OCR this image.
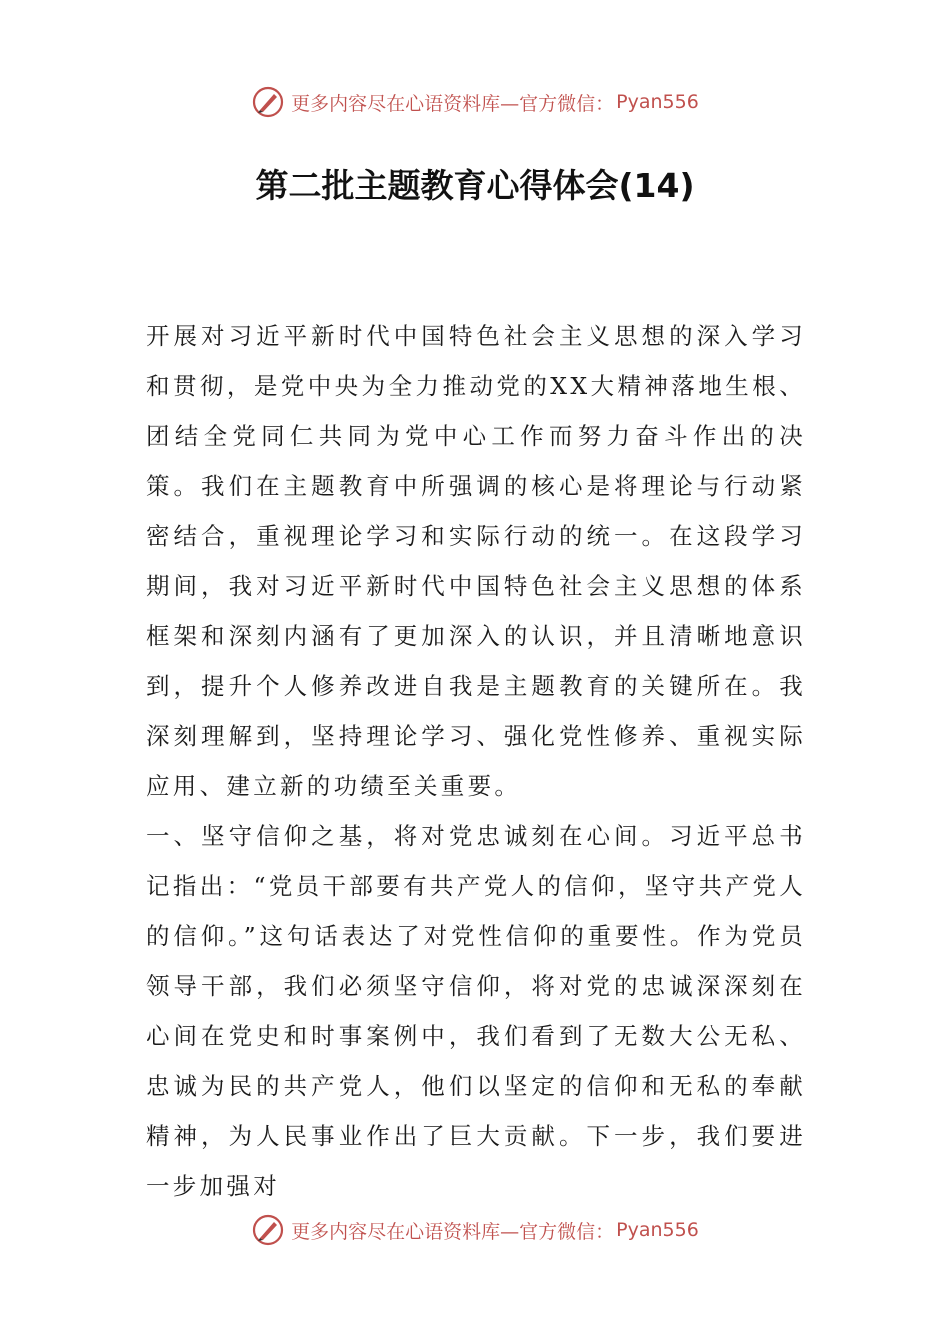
更多内容尽在心语资料库—官方微信： Pyan556
第二批主题教育心得体会(14)

开展对习近平新时代中国特色社会主义思想的深入学习和贯彻，是党中央为全力推动党的XX大精神落地生根、团结全党同仁共同为党中心工作而努力奋斗作出的决策。我们在主题教育中所强调的核心是将理论与行动紧密结合，重视理论学习和实际行动的统一。在这段学习期间，我对习近平新时代中国特色社会主义思想的体系框架和深刻内涵有了更加深入的认识，并且清晰地意识到，提升个人修养改进自我是主题教育的关键所在。我深刻理解到，坚持理论学习、强化党性修养、重视实际应用、建立新的功绩至关重要。

一、坚守信仰之基，将对党忠诚刻在心间。习近平总书记指出：“党员干部要有共产党人的信仰，坚守共产党人的信仰。”这句话表达了对党性信仰的重要性。作为党员领导干部，我们必须坚守信仰，将对党的忠诚深深刻在心间在党史和时事案例中，我们看到了无数大公无私、忠诚为民的共产党人，他们以坚定的信仰和无私的奉献精神，为人民事业作出了巨大贡献。下一步，我们要进一步加强对

更多内容尽在心语资料库—官方微信： Pyan556
